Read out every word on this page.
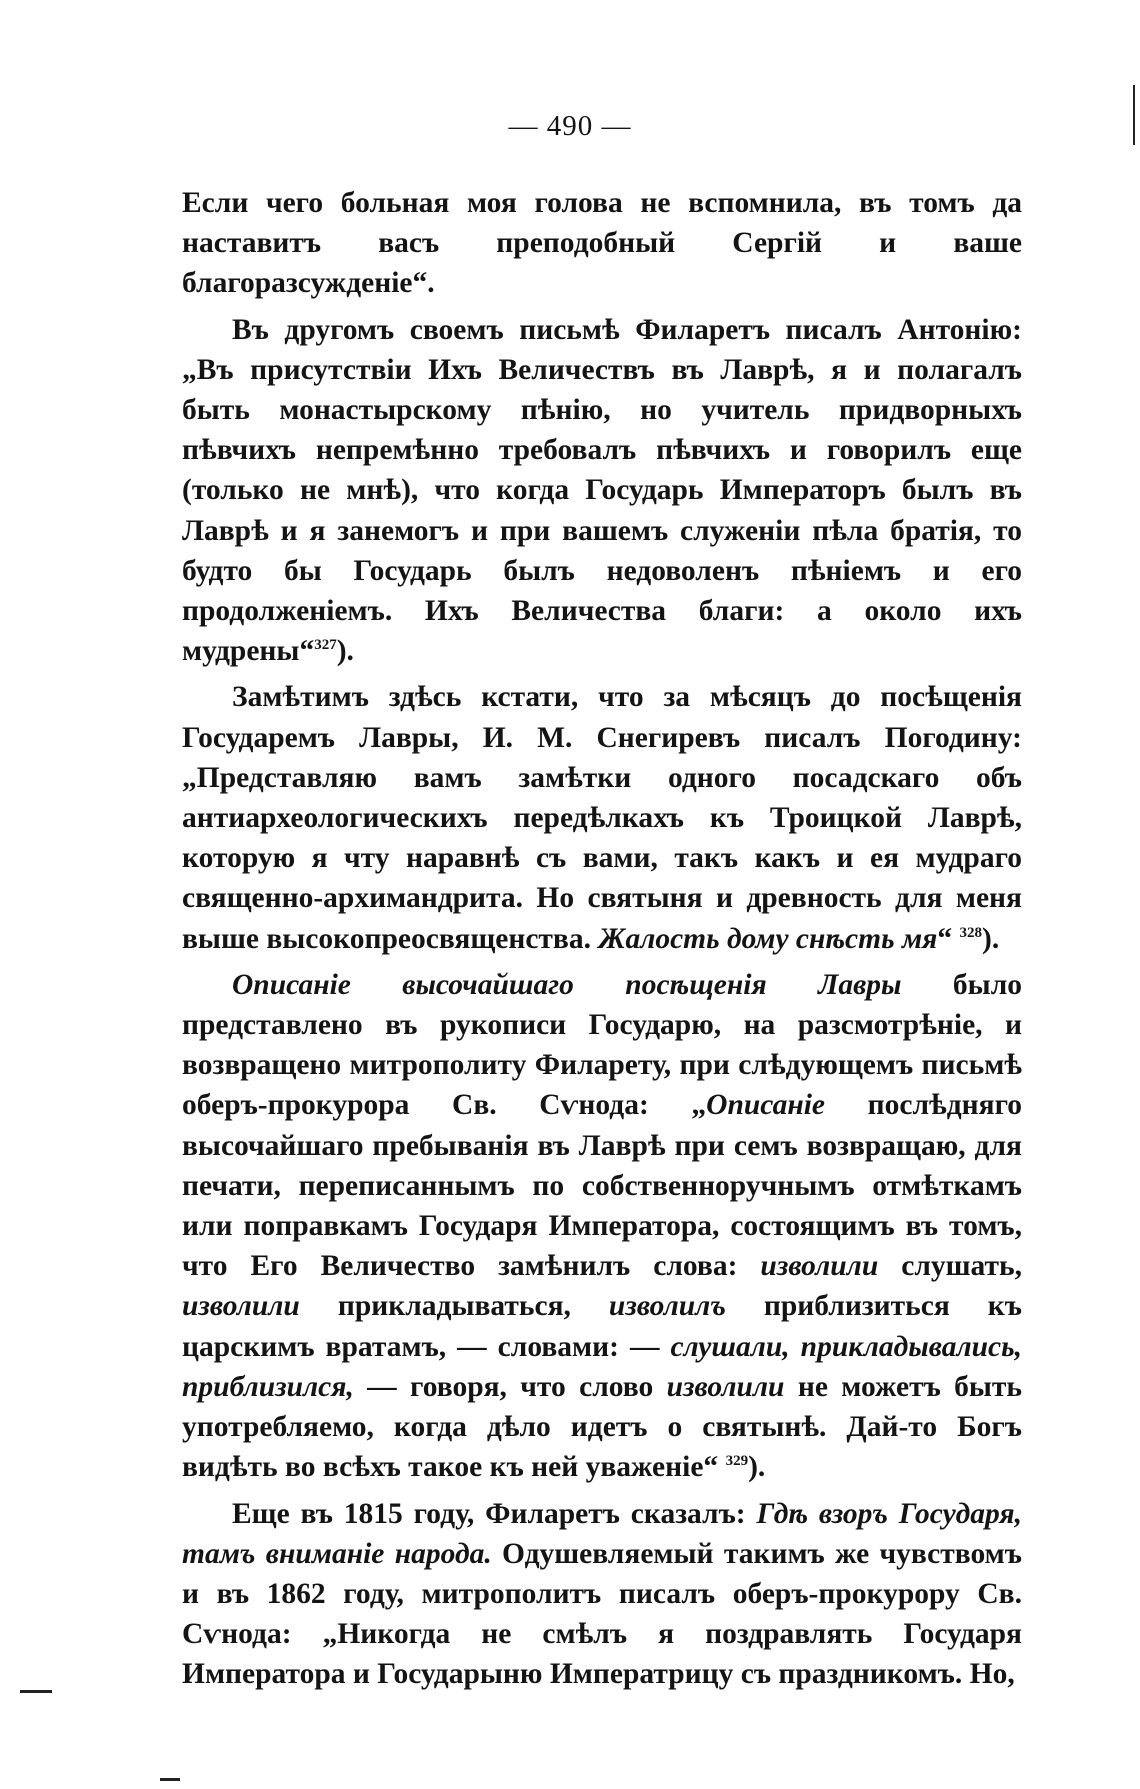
— 490 —

Если чего больная моя голова не вспомнила, въ томъ да наставитъ васъ преподобный Сергій и ваше благоразсужденіе“.

Въ другомъ своемъ письмѣ Филаретъ писалъ Антонію: „Въ присутствіи Ихъ Величествъ въ Лаврѣ, я и полагалъ быть монастырскому пѣнію, но учитель придворныхъ пѣвчихъ непремѣнно требовалъ пѣвчихъ и говорилъ еще (только не мнѣ), что когда Государь Императоръ былъ въ Лаврѣ и я занемогъ и при вашемъ служеніи пѣла братія, то будто бы Государь былъ недоволенъ пѣніемъ и его продолженіемъ. Ихъ Величества благи: а около ихъ мудрены“$^{327}$).

Замѣтимъ здѣсь кстати, что за мѣсяцъ до посѣщенія Государемъ Лавры, И. М. Снегиревъ писалъ Погодину: „Представляю вамъ замѣтки одного посадскаго объ антиархеологическихъ передѣлкахъ къ Троицкой Лаврѣ, которую я чту наравнѣ съ вами, такъ какъ и ея мудраго священно-архимандрита. Но святыня и древность для меня выше высокопреосвященства. Жалость дому снѣсть мя“ $^{328}$).

Описаніе высочайшаго посѣщенія Лавры было представлено въ рукописи Государю, на разсмотрѣніе, и возвращено митрополиту Филарету, при слѣдующемъ письмѣ оберъ-прокурора Св. Сѵнода: „Описаніе послѣдняго высочайшаго пребыванія въ Лаврѣ при семъ возвращаю, для печати, переписаннымъ по собственноручнымъ отмѣткамъ или поправкамъ Государя Императора, состоящимъ въ томъ, что Его Величество замѣнилъ слова: изволили слушать, изволили прикладываться, изволилъ приблизиться къ царскимъ вратамъ, — словами: — слушали, прикладывались, приблизился, — говоря, что слово изволили не можетъ быть употребляемо, когда дѣло идетъ о святынѣ. Дай-то Богъ видѣть во всѣхъ такое къ ней уваженіе“ $^{329}$).

Еще въ 1815 году, Филаретъ сказалъ: Гдѣ взоръ Государя, тамъ вниманіе народа. Одушевляемый такимъ же чувствомъ и въ 1862 году, митрополитъ писалъ оберъ-прокурору Св. Сѵнода: „Никогда не смѣлъ я поздравлять Государя Императора и Государыню Императрицу съ праздникомъ. Но,
